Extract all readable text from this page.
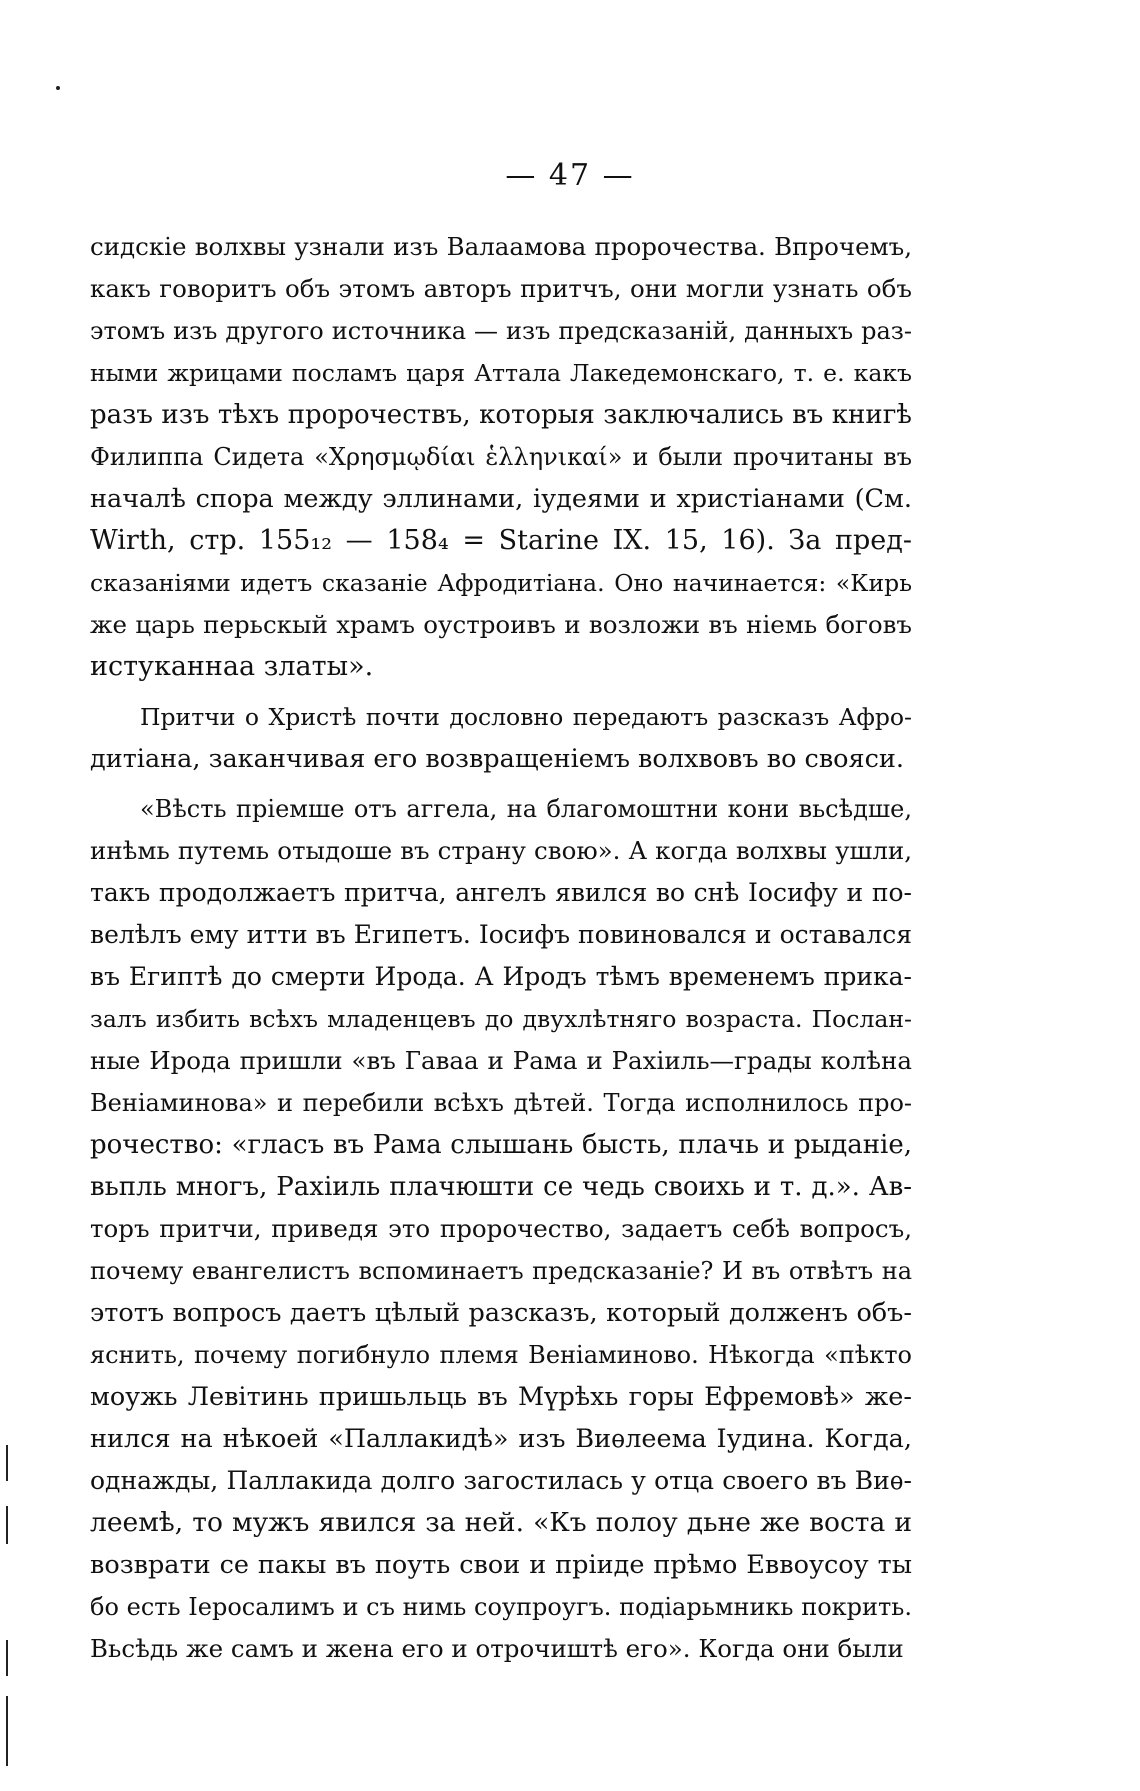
— 47 —
сидскіе волхвы узнали изъ Валаамова пророчества. Впрочемъ,
какъ говоритъ объ этомъ авторъ притчъ, они могли узнать объ
этомъ изъ другого источника — изъ предсказаній, данныхъ раз-
ными жрицами посламъ царя Аттала Лакедемонскаго, т. е. какъ
разъ изъ тѣхъ пророчествъ, которыя заключались въ книгѣ
Филиппа Сидета «Χρησμῳδίαι ἑλληνικαί» и были прочитаны въ
началѣ спора между эллинами, іудеями и христіанами (См.
Wirth, стр. 155₁₂ — 158₄ = Starine IX. 15, 16). За пред-
сказаніями идетъ сказаніе Афродитіана. Оно начинается: «Кирь
же царь перьскый храмъ оустроивъ и возложи въ ніемь боговъ
истуканнаа златы».
Притчи о Христѣ почти дословно передаютъ разсказъ Афро-
дитіана, заканчивая его возвращеніемъ волхвовъ во свояси.
«Вѣсть пріемше отъ аггела, на благомоштни кони вьсѣдше,
инѣмь путемь отыдоше въ страну свою». А когда волхвы ушли,
такъ продолжаетъ притча, ангелъ явился во снѣ Іосифу и по-
велѣлъ ему итти въ Египетъ. Іосифъ повиновался и оставался
въ Египтѣ до смерти Ирода. А Иродъ тѣмъ временемъ прика-
залъ избить всѣхъ младенцевъ до двухлѣтняго возраста. Послан-
ные Ирода пришли «въ Гаваа и Рама и Рахіиль—грады колѣна
Веніаминова» и перебили всѣхъ дѣтей. Тогда исполнилось про-
рочество: «гласъ въ Рама слышань бысть, плачь и рыданіе,
вьпль многъ, Рахіиль плачюшти се чедь своихь и т. д.». Ав-
торъ притчи, приведя это пророчество, задаетъ себѣ вопросъ,
почему евангелистъ вспоминаетъ предсказаніе? И въ отвѣтъ на
этотъ вопросъ даетъ цѣлый разсказъ, который долженъ объ-
яснить, почему погибнуло племя Веніаминово. Нѣкогда «пѣкто
моужь Левітинь пришьльць въ Мүрѣхь горы Ефремовѣ» же-
нился на нѣкоей «Паллакидѣ» изъ Виѳлеема Іудина. Когда,
однажды, Паллакида долго загостилась у отца своего въ Виѳ-
леемѣ, то мужъ явился за ней. «Къ полоу дьне же воста и
возврати се пакы въ поуть свои и пріиде прѣмо Еввоусоу ты
бо есть Іеросалимъ и съ нимь соупроугъ. подіарьмникь покрить.
Вьсѣдь же самъ и жена его и отрочиштѣ его». Когда они были
